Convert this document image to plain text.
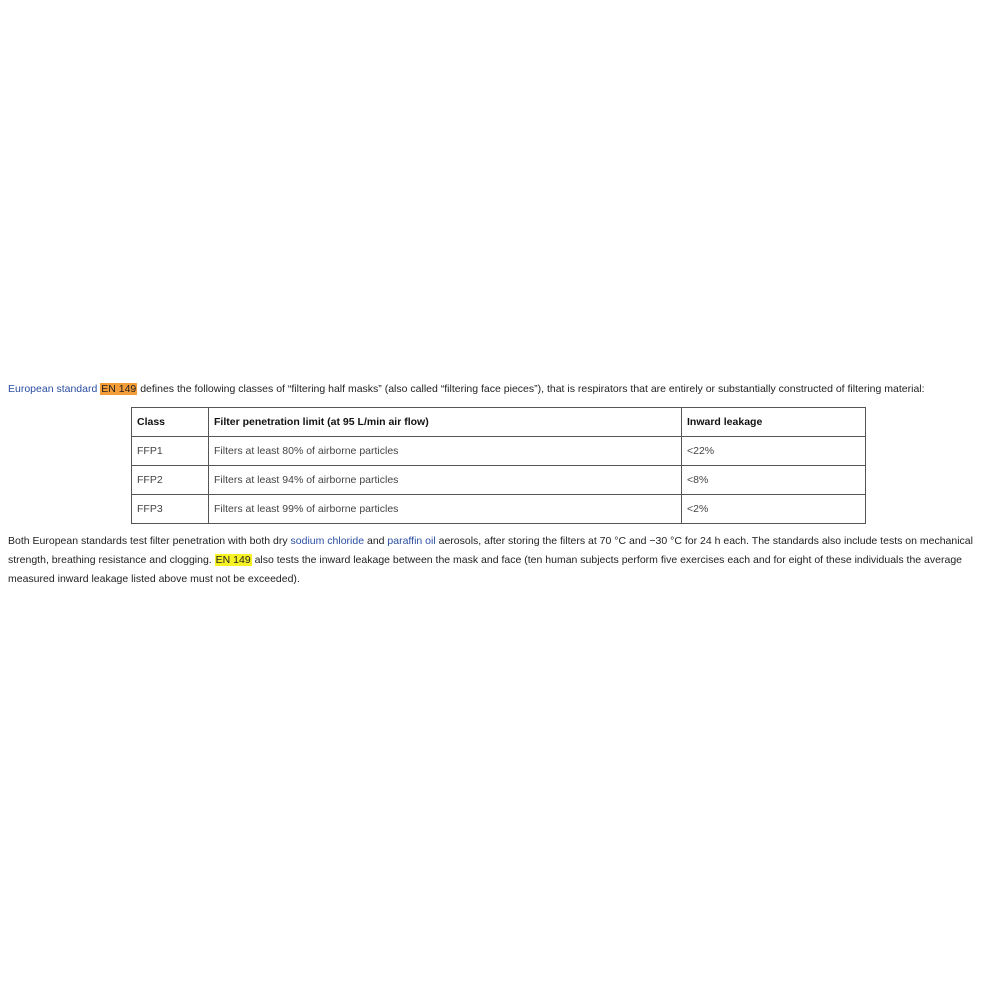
European standard EN 149 defines the following classes of “filtering half masks” (also called “filtering face pieces”), that is respirators that are entirely or substantially constructed of filtering material:

Class	Filter penetration limit (at 95 L/min air flow)	Inward leakage
FFP1	Filters at least 80% of airborne particles	<22%
FFP2	Filters at least 94% of airborne particles	<8%
FFP3	Filters at least 99% of airborne particles	<2%

Both European standards test filter penetration with both dry sodium chloride and paraffin oil aerosols, after storing the filters at 70 °C and −30 °C for 24 h each. The standards also include tests on mechanical strength, breathing resistance and clogging. EN 149 also tests the inward leakage between the mask and face (ten human subjects perform five exercises each and for eight of these individuals the average measured inward leakage listed above must not be exceeded).
